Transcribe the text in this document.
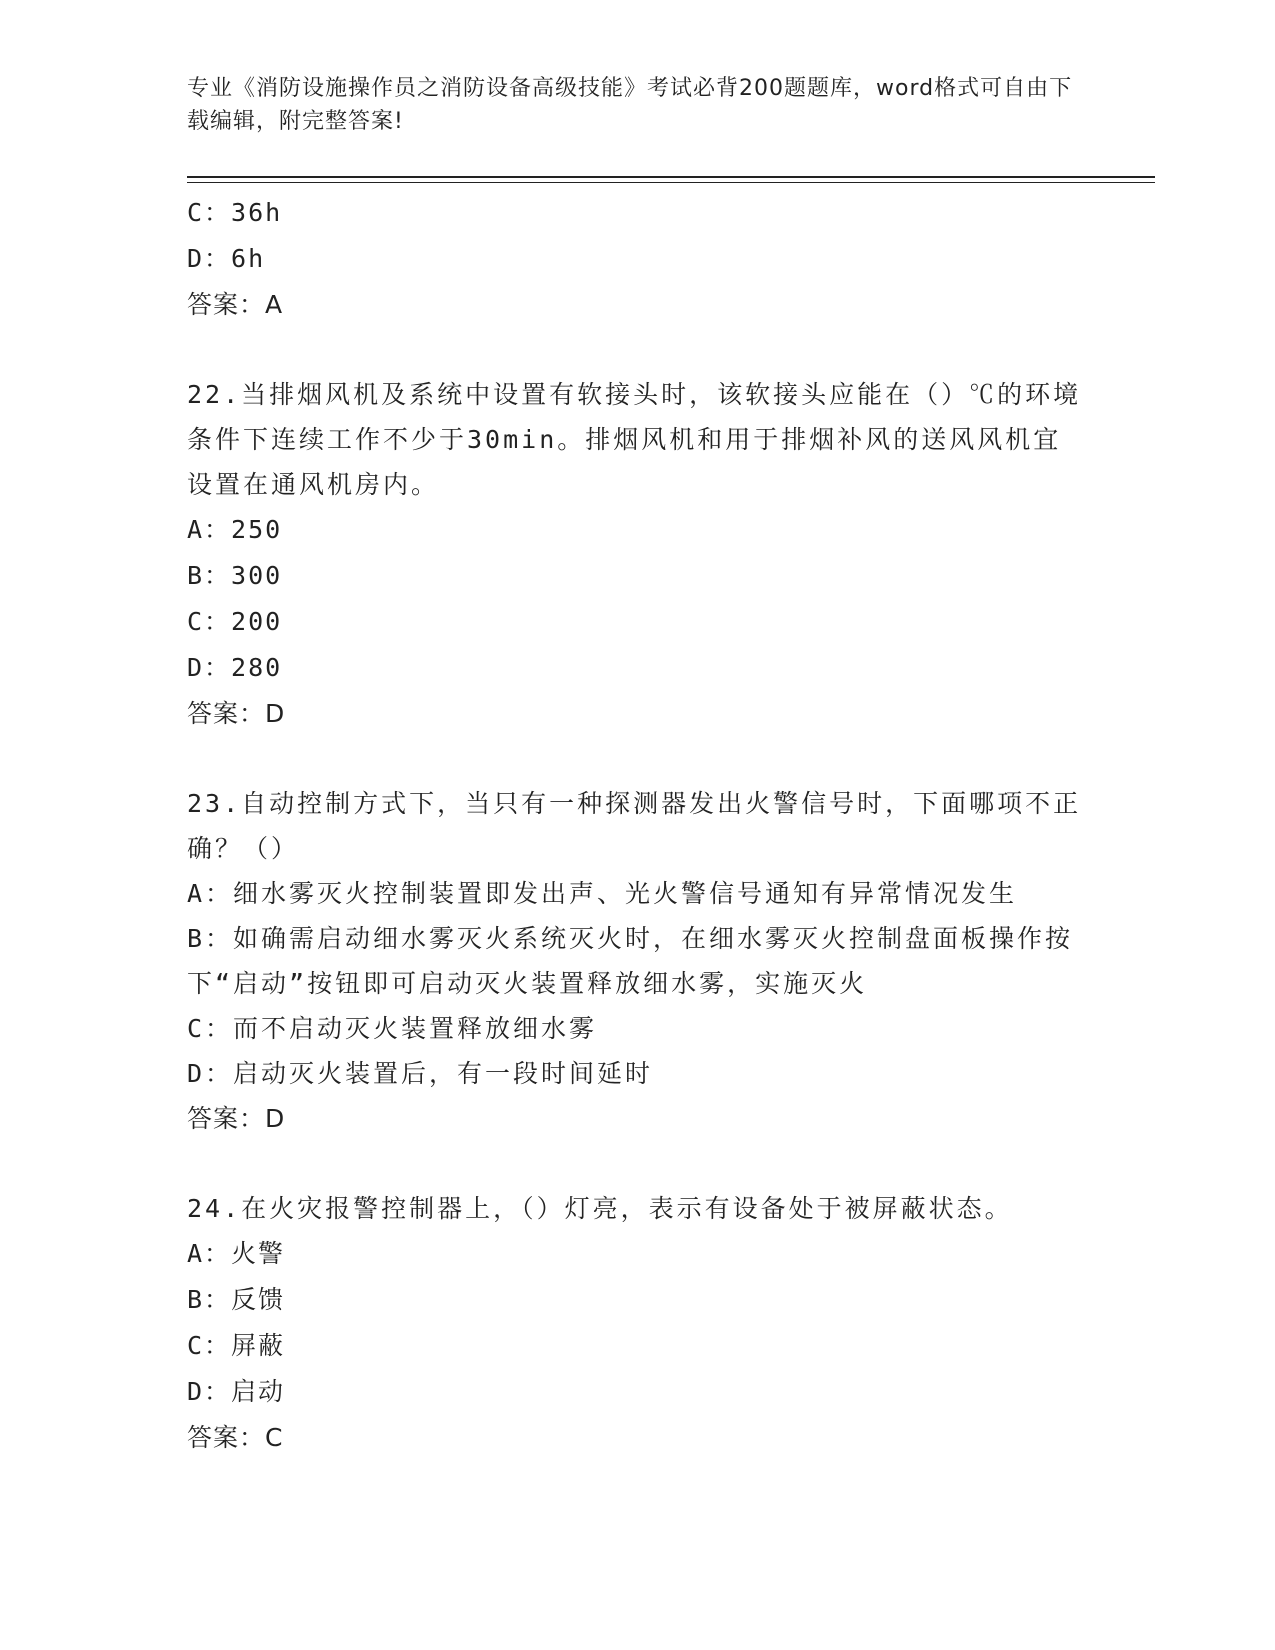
专业《消防设施操作员之消防设备高级技能》考试必背200题题库，word格式可自由下载编辑，附完整答案!
C：36h
D：6h
答案：A
22.当排烟风机及系统中设置有软接头时，该软接头应能在（）℃的环境条件下连续工作不少于30min。排烟风机和用于排烟补风的送风风机宜设置在通风机房内。
A：250
B：300
C：200
D：280
答案：D
23.自动控制方式下，当只有一种探测器发出火警信号时，下面哪项不正确？（）
A：细水雾灭火控制装置即发出声、光火警信号通知有异常情况发生
B：如确需启动细水雾灭火系统灭火时，在细水雾灭火控制盘面板操作按下“启动”按钮即可启动灭火装置释放细水雾，实施灭火
C：而不启动灭火装置释放细水雾
D：启动灭火装置后，有一段时间延时
答案：D
24.在火灾报警控制器上，（）灯亮，表示有设备处于被屏蔽状态。
A：火警
B：反馈
C：屏蔽
D：启动
答案：C
